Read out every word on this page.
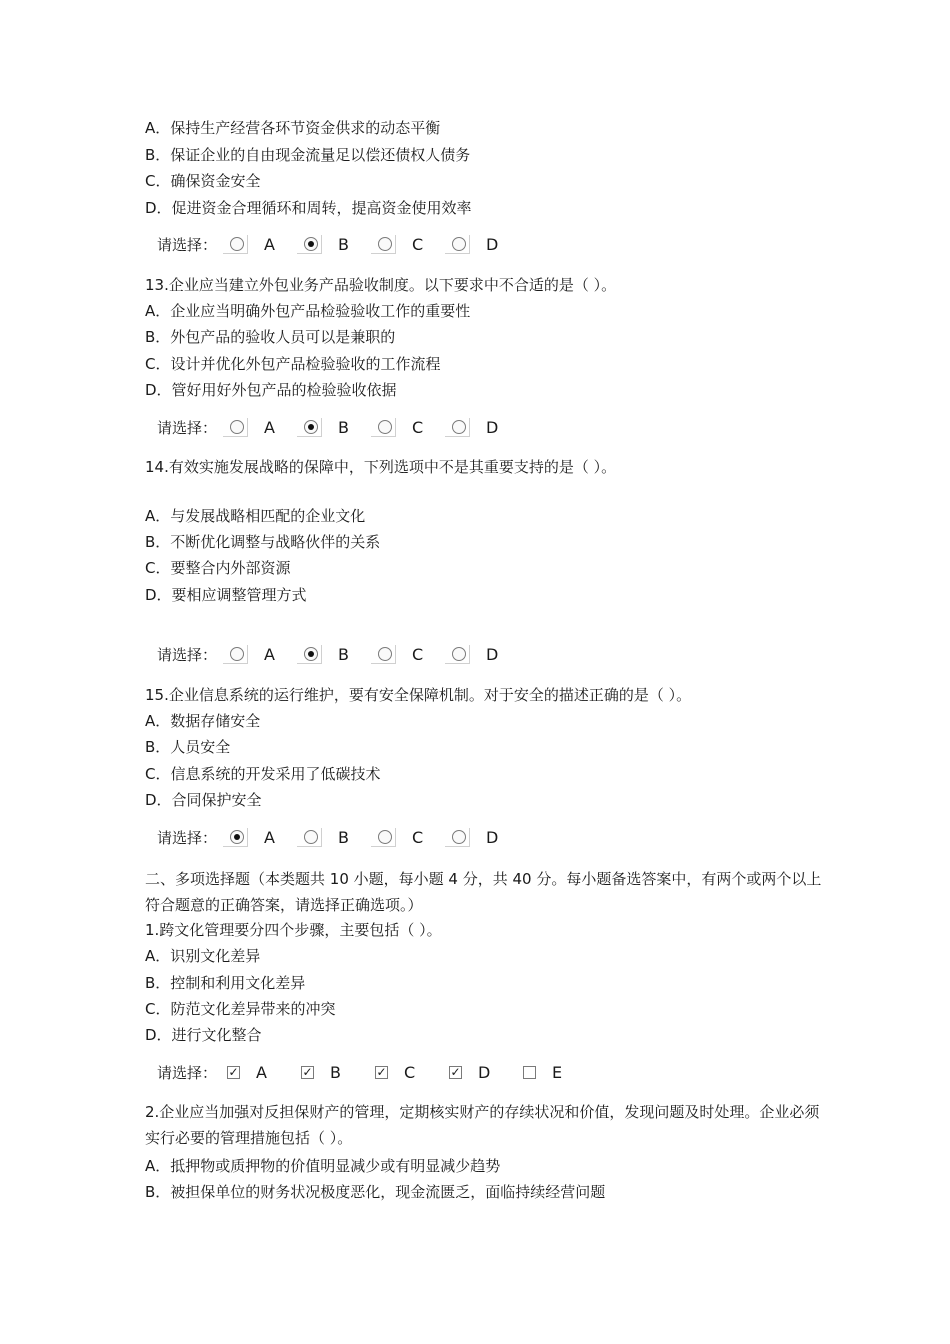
A．保持生产经营各环节资金供求的动态平衡
B．保证企业的自由现金流量足以偿还债权人债务
C．确保资金安全
D．促进资金合理循环和周转，提高资金使用效率
请选择：	A	B	C	D
13.企业应当建立外包业务产品验收制度。以下要求中不合适的是（ ）。
A．企业应当明确外包产品检验验收工作的重要性
B．外包产品的验收人员可以是兼职的
C．设计并优化外包产品检验验收的工作流程
D．管好用好外包产品的检验验收依据
请选择：	A	B	C	D
14.有效实施发展战略的保障中，下列选项中不是其重要支持的是（ ）。
A．与发展战略相匹配的企业文化
B．不断优化调整与战略伙伴的关系
C．要整合内外部资源
D．要相应调整管理方式
请选择：	A	B	C	D
15.企业信息系统的运行维护，要有安全保障机制。对于安全的描述正确的是（ ）。
A．数据存储安全
B．人员安全
C．信息系统的开发采用了低碳技术
D．合同保护安全
请选择：	A	B	C	D
二、多项选择题（本类题共 10 小题，每小题 4 分，共 40 分。每小题备选答案中，有两个或两个以上符合题意的正确答案，请选择正确选项。）
1.跨文化管理要分四个步骤，主要包括（ ）。
A．识别文化差异
B．控制和利用文化差异
C．防范文化差异带来的冲突
D．进行文化整合
请选择： ✓ A	✓ B	✓ C	✓ D	E
2.企业应当加强对反担保财产的管理，定期核实财产的存续状况和价值，发现问题及时处理。企业必须实行必要的管理措施包括（ ）。
A．抵押物或质押物的价值明显减少或有明显减少趋势
B．被担保单位的财务状况极度恶化，现金流匮乏，面临持续经营问题
